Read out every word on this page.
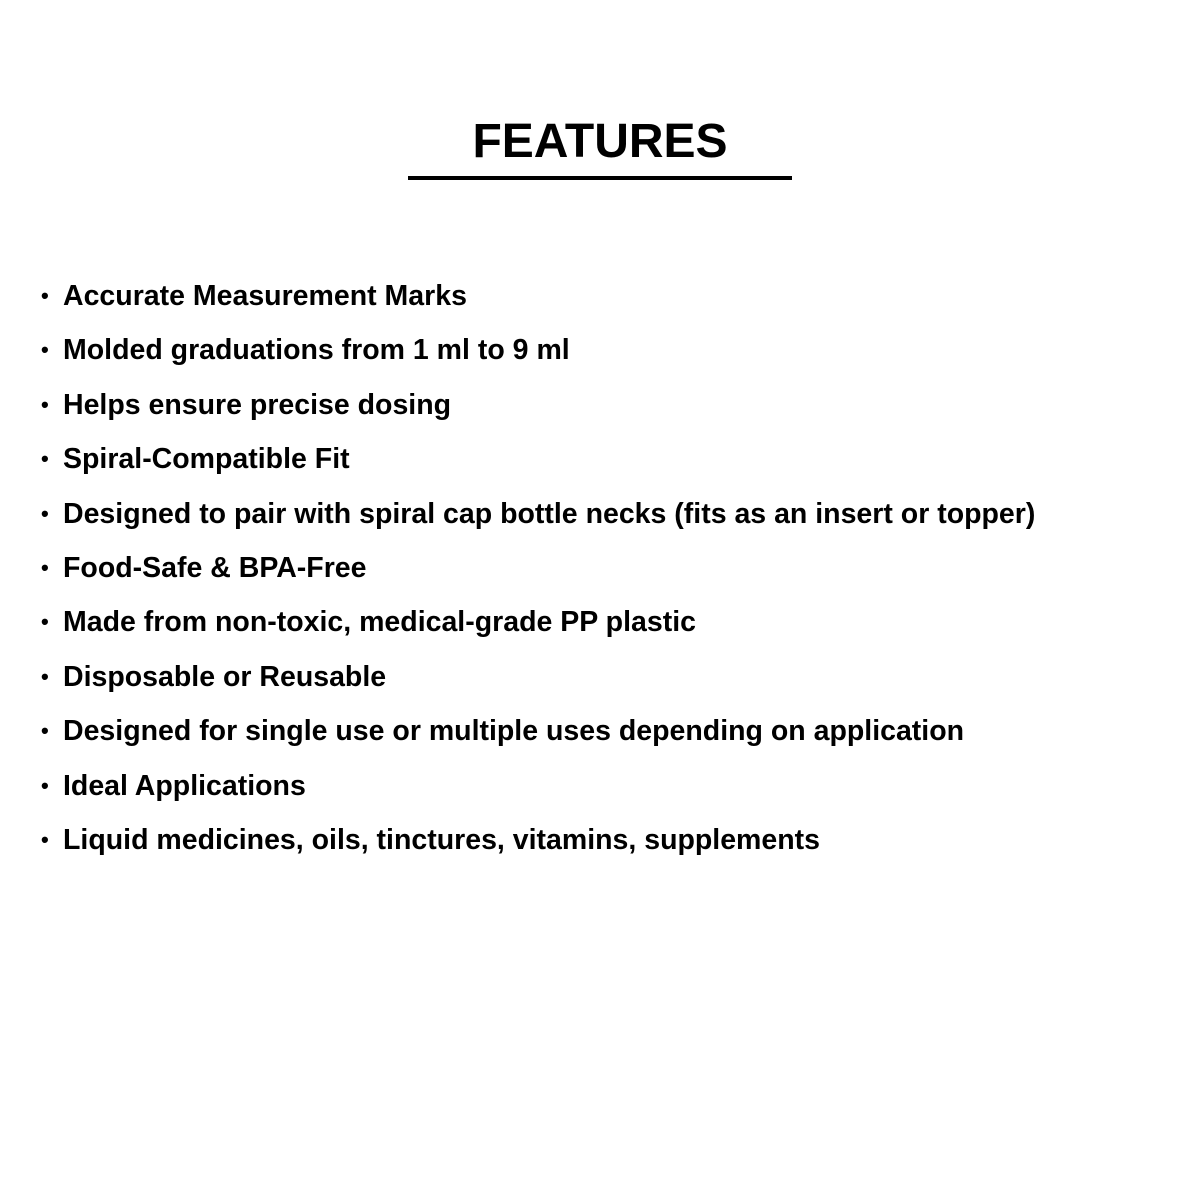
FEATURES
• Accurate Measurement Marks
• Molded graduations from 1 ml to 9 ml
• Helps ensure precise dosing
• Spiral-Compatible Fit
• Designed to pair with spiral cap bottle necks (fits as an insert or topper)
• Food-Safe & BPA-Free
• Made from non-toxic, medical-grade PP plastic
• Disposable or Reusable
• Designed for single use or multiple uses depending on application
• Ideal Applications
• Liquid medicines, oils, tinctures, vitamins, supplements
